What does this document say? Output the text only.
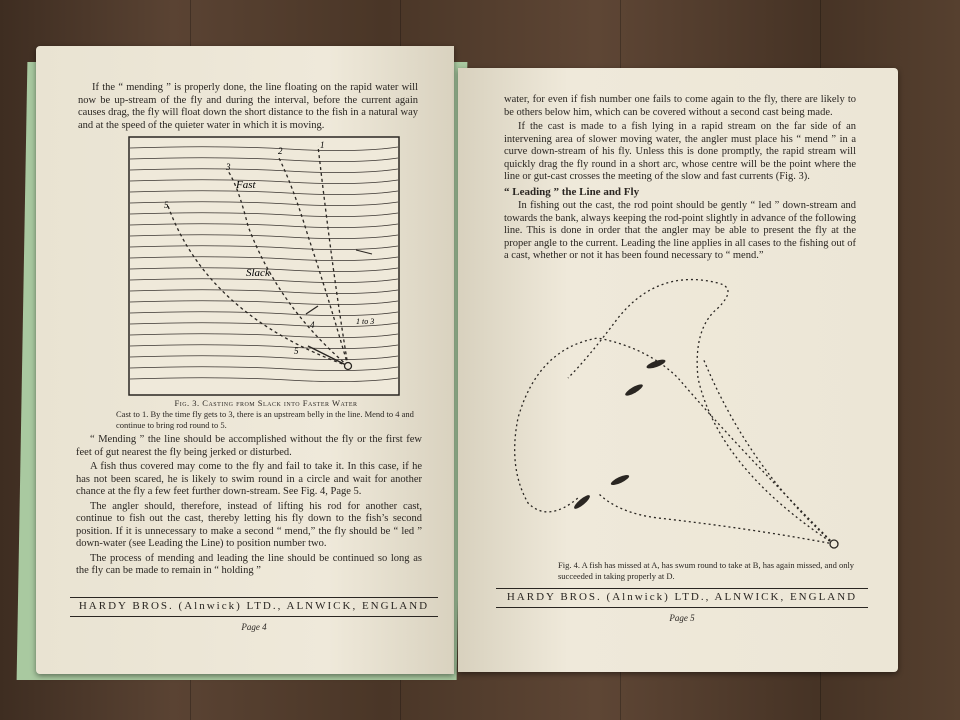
If the “ mending ” is properly done, the line floating on the rapid water will now be up-stream of the fly and during the interval, before the current again causes drag, the fly will float down the short distance to the fish in a natural way and at the speed of the quieter water in which it is moving.

2
1
3
5
4
5
1 to 3
Fast
Slack
Fig. 3. Casting from Slack into Faster Water
Cast to 1. By the time fly gets to 3, there is an upstream belly in the line. Mend to 4 and continue to bring rod round to 5.

“ Mending ” the line should be accomplished without the fly or the first few feet of gut nearest the fly being jerked or disturbed.

A fish thus covered may come to the fly and fail to take it. In this case, if he has not been scared, he is likely to swim round in a circle and wait for another chance at the fly a few feet further down-stream. See Fig. 4, Page 5.

The angler should, therefore, instead of lifting his rod for another cast, continue to fish out the cast, thereby letting his fly down to the fish’s second position. If it is unnecessary to make a second “ mend,” the fly should be “ led ” down-water (see Leading the Line) to position number two.

The process of mending and leading the line should be continued so long as the fly can be made to remain in “ holding ”

HARDY BROS. (Alnwick) LTD., ALNWICK, ENGLAND
Page 4

water, for even if fish number one fails to come again to the fly, there are likely to be others below him, which can be covered without a second cast being made.

If the cast is made to a fish lying in a rapid stream on the far side of an intervening area of slower moving water, the angler must place his “ mend ” in a curve down-stream of his fly. Unless this is done promptly, the rapid stream will quickly drag the fly round in a short arc, whose centre will be the point where the line or gut-cast crosses the meeting of the slow and fast currents (Fig. 3).

“ Leading ” the Line and Fly

In fishing out the cast, the rod point should be gently “ led ” down-stream and towards the bank, always keeping the rod-point slightly in advance of the following line. This is done in order that the angler may be able to present the fly at the proper angle to the current. Leading the line applies in all cases to the fishing out of a cast, whether or not it has been found necessary to “ mend.”

Fig. 4. A fish has missed at A, has swum round to take at B, has again missed, and only succeeded in taking properly at D.
HARDY BROS. (Alnwick) LTD., ALNWICK, ENGLAND
Page 5
